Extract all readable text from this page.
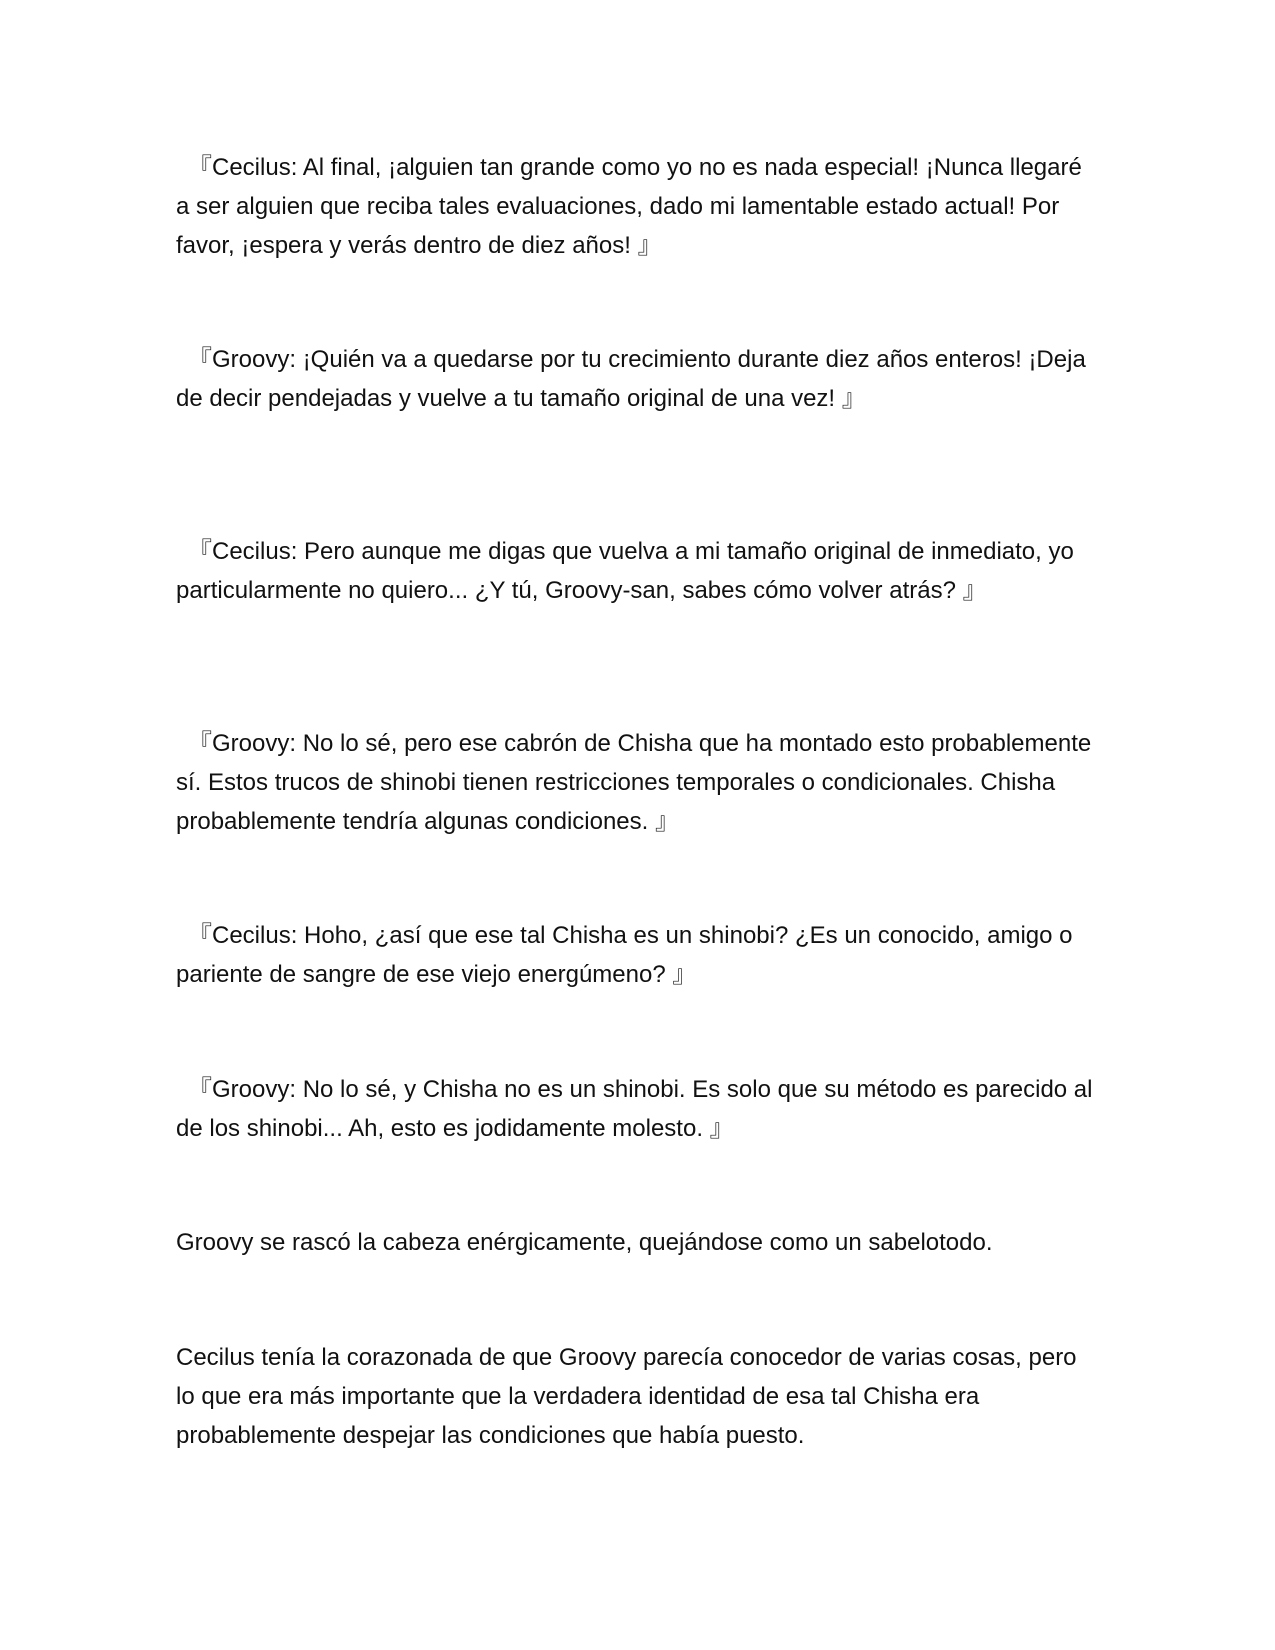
『Cecilus: Al final, ¡alguien tan grande como yo no es nada especial! ¡Nunca llegaré a ser alguien que reciba tales evaluaciones, dado mi lamentable estado actual! Por favor, ¡espera y verás dentro de diez años! 』

『Groovy: ¡Quién va a quedarse por tu crecimiento durante diez años enteros! ¡Deja de decir pendejadas y vuelve a tu tamaño original de una vez! 』

『Cecilus: Pero aunque me digas que vuelva a mi tamaño original de inmediato, yo particularmente no quiero... ¿Y tú, Groovy-san, sabes cómo volver atrás? 』

『Groovy: No lo sé, pero ese cabrón de Chisha que ha montado esto probablemente sí. Estos trucos de shinobi tienen restricciones temporales o condicionales. Chisha probablemente tendría algunas condiciones. 』

『Cecilus: Hoho, ¿así que ese tal Chisha es un shinobi? ¿Es un conocido, amigo o pariente de sangre de ese viejo energúmeno? 』

『Groovy: No lo sé, y Chisha no es un shinobi. Es solo que su método es parecido al de los shinobi... Ah, esto es jodidamente molesto. 』

Groovy se rascó la cabeza enérgicamente, quejándose como un sabelotodo.

Cecilus tenía la corazonada de que Groovy parecía conocedor de varias cosas, pero lo que era más importante que la verdadera identidad de esa tal Chisha era probablemente despejar las condiciones que había puesto.
